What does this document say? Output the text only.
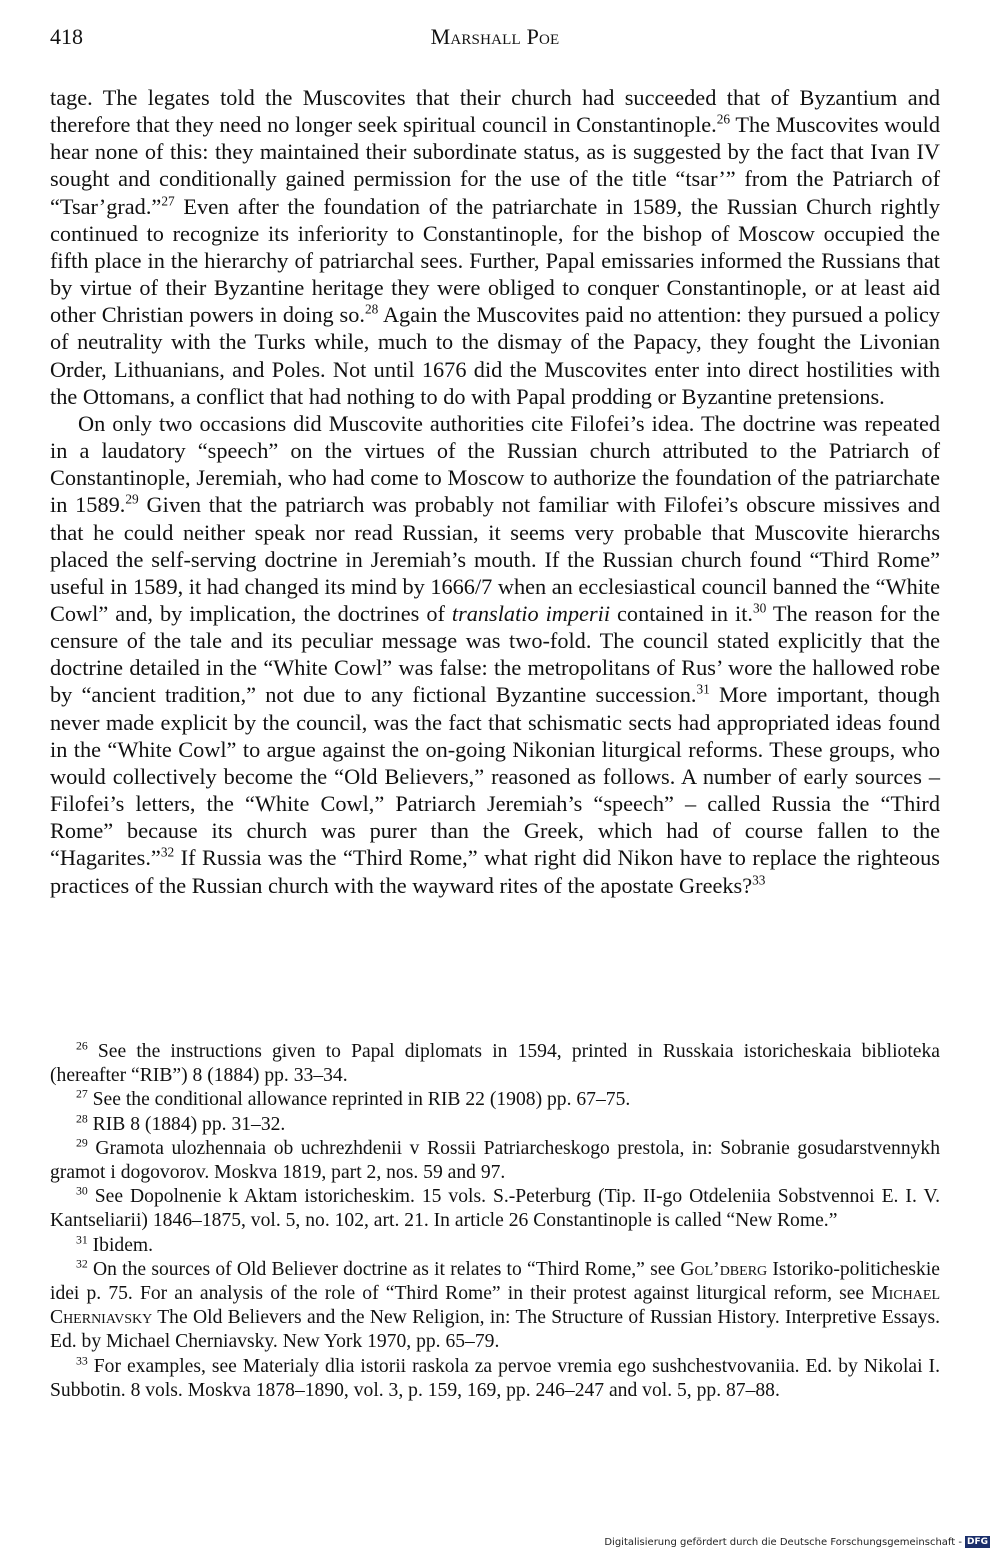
418	Marshall Poe

tage. The legates told the Muscovites that their church had succeeded that of Byzantium and therefore that they need no longer seek spiritual council in Constantinople.$^{26}$ The Muscovites would hear none of this: they maintained their subordinate status, as is suggested by the fact that Ivan IV sought and conditionally gained permission for the use of the title “tsar’” from the Patriarch of “Tsar’grad.”$^{27}$ Even after the foundation of the patriarchate in 1589, the Russian Church rightly continued to recognize its inferiority to Constantinople, for the bishop of Moscow occupied the fifth place in the hierarchy of patriarchal sees. Further, Papal emissaries informed the Russians that by virtue of their Byzantine heritage they were obliged to conquer Constantinople, or at least aid other Christian powers in doing so.$^{28}$ Again the Muscovites paid no attention: they pursued a policy of neutrality with the Turks while, much to the dismay of the Papacy, they fought the Livonian Order, Lithuanians, and Poles. Not until 1676 did the Muscovites enter into direct hostilities with the Ottomans, a conflict that had nothing to do with Papal prodding or Byzantine pretensions.

On only two occasions did Muscovite authorities cite Filofei’s idea. The doctrine was repeated in a laudatory “speech” on the virtues of the Russian church attributed to the Patriarch of Constantinople, Jeremiah, who had come to Moscow to authorize the foundation of the patriarchate in 1589.29 Given that the patriarch was probably not familiar with Filofei’s obscure missives and that he could neither speak nor read Russian, it seems very probable that Muscovite hierarchs placed the self-serving doctrine in Jeremiah’s mouth. If the Russian church found “Third Rome” useful in 1589, it had changed its mind by 1666/7 when an ecclesiastical council banned the “White Cowl” and, by implication, the doctrines of translatio imperii contained in it.$^{30}$ The reason for the censure of the tale and its peculiar message was two-fold. The council stated explicitly that the doctrine detailed in the “White Cowl” was false: the metropolitans of Rus’ wore the hallowed robe by “ancient tradition,” not due to any fictional Byzantine succession.$^{31}$ More important, though never made explicit by the council, was the fact that schismatic sects had appropriated ideas found in the “White Cowl” to argue against the on-going Nikonian liturgical reforms. These groups, who would collectively become the “Old Believers,” reasoned as follows. A number of early sources – Filofei’s letters, the “White Cowl,” Patriarch Jeremiah’s “speech” – called Russia the “Third Rome” because its church was purer than the Greek, which had of course fallen to the “Hagarites.”$^{32}$ If Russia was the “Third Rome,” what right did Nikon have to replace the righteous practices of the Russian church with the wayward rites of the apostate Greeks?$^{33}$

$^{26}$ See the instructions given to Papal diplomats in 1594, printed in Russkaia istoricheskaia biblioteka (hereafter “RIB”) 8 (1884) pp. 33–34.

$^{27}$ See the conditional allowance reprinted in RIB 22 (1908) pp. 67–75.

$^{28}$ RIB 8 (1884) pp. 31–32.

$^{29}$ Gramota ulozhennaia ob uchrezhdenii v Rossii Patriarcheskogo prestola, in: Sobranie gosudarstvennykh gramot i dogovorov. Moskva 1819, part 2, nos. 59 and 97.

$^{30}$ See Dopolnenie k Aktam istoricheskim. 15 vols. S.-Peterburg (Tip. II-go Otdeleniia Sobstvennoi E. I. V. Kantseliarii) 1846–1875, vol. 5, no. 102, art. 21. In article 26 Constantinople is called “New Rome.”

$^{31}$ Ibidem.

$^{32}$ On the sources of Old Believer doctrine as it relates to “Third Rome,” see Gol’dberg Istoriko-politicheskie idei p. 75. For an analysis of the role of “Third Rome” in their protest against liturgical reform, see Michael Cherniavsky The Old Believers and the New Religion, in: The Structure of Russian History. Interpretive Essays. Ed. by Michael Cherniavsky. New York 1970, pp. 65–79.

$^{33}$ For examples, see Materialy dlia istorii raskola za pervoe vremia ego sushchestvovaniia. Ed. by Nikolai I. Subbotin. 8 vols. Moskva 1878–1890, vol. 3, p. 159, 169, pp. 246–247 and vol. 5, pp. 87–88.

Digitalisierung gefördert durch die Deutsche Forschungsgemeinschaft - DFG
